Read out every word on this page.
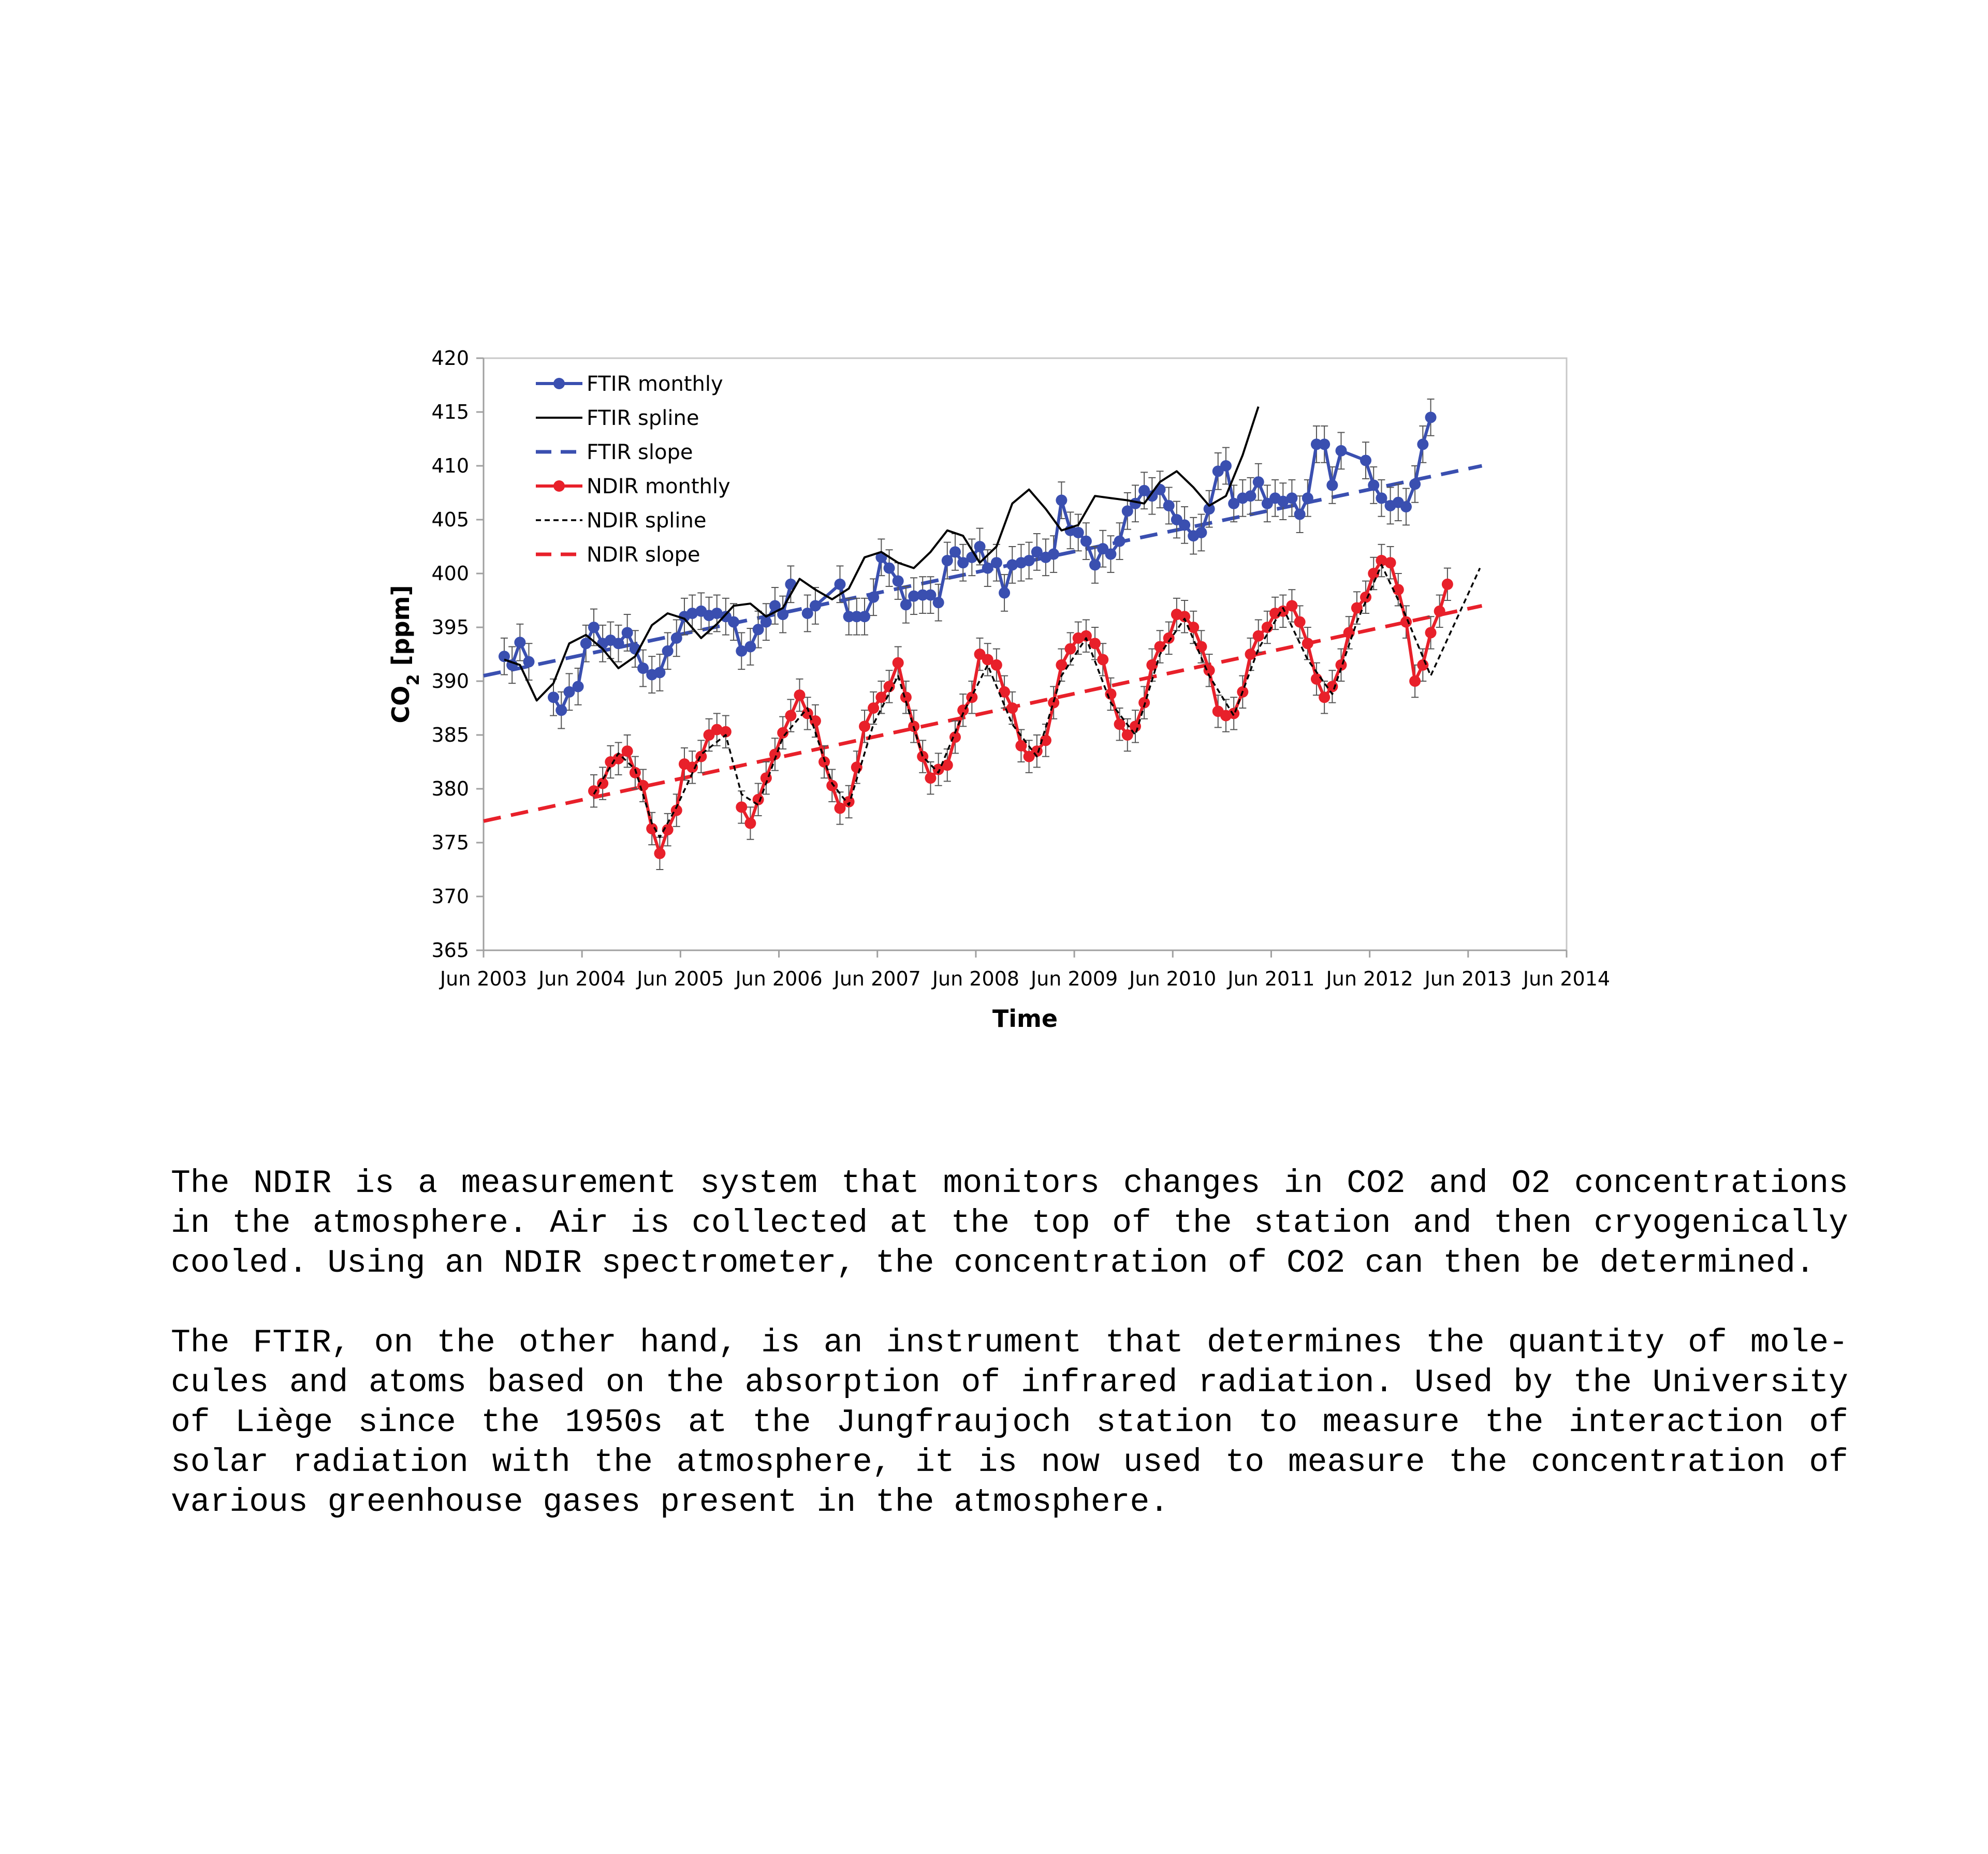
365
370
375
380
385
390
395
400
405
410
415
420
Jun 2003 Jun 2004 Jun 2005 Jun 2006 Jun 2007 Jun 2008 Jun 2009 Jun 2010 Jun 2011 Jun 2012 Jun 2013 Jun 2014
FTIR monthly
FTIR spline
FTIR slope
NDIR monthly
NDIR spline
NDIR slope
Time
$CO_2$ [ppm]

The NDIR is a measurement system that monitors changes in CO2 and O2 concentrations in the atmosphere. Air is collected at the top of the station and then cryogenically cooled. Using an NDIR spectrometer, the concentration of CO2 can then be determined.

The FTIR, on the other hand, is an instrument that determines the quantity of mole-cules and atoms based on the absorption of infrared radiation. Used by the University of Liège since the 1950s at the Jungfraujoch station to measure the interaction of solar radiation with the atmosphere, it is now used to measure the concentration of various greenhouse gases present in the atmosphere.
